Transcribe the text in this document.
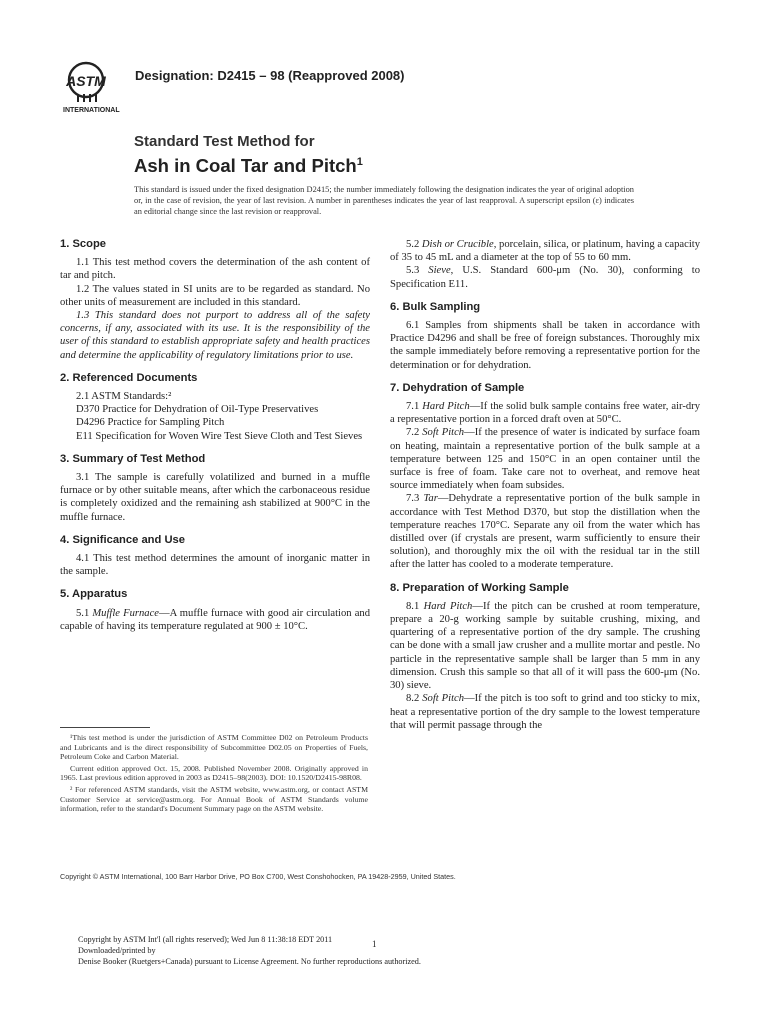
ASTM
INTERNATIONAL
Designation: D2415 – 98 (Reapproved 2008)
Standard Test Method for
Ash in Coal Tar and Pitch$^1$
This standard is issued under the fixed designation D2415; the number immediately following the designation indicates the year of original adoption or, in the case of revision, the year of last revision. A number in parentheses indicates the year of last reapproval. A superscript epsilon (ε) indicates an editorial change since the last revision or reapproval.
1. Scope

1.1 This test method covers the determination of the ash content of tar and pitch.

1.2 The values stated in SI units are to be regarded as standard. No other units of measurement are included in this standard.

1.3 This standard does not purport to address all of the safety concerns, if any, associated with its use. It is the responsibility of the user of this standard to establish appropriate safety and health practices and determine the applicability of regulatory limitations prior to use.

2. Referenced Documents

2.1 ASTM Standards:²

D370 Practice for Dehydration of Oil-Type Preservatives

D4296 Practice for Sampling Pitch

E11 Specification for Woven Wire Test Sieve Cloth and Test Sieves

3. Summary of Test Method

3.1 The sample is carefully volatilized and burned in a muffle furnace or by other suitable means, after which the carbonaceous residue is completely oxidized and the remaining ash stabilized at 900°C in the muffle furnace.

4. Significance and Use

4.1 This test method determines the amount of inorganic matter in the sample.

5. Apparatus

5.1 Muffle Furnace—A muffle furnace with good air circulation and capable of having its temperature regulated at 900 ± 10°C.

¹This test method is under the jurisdiction of ASTM Committee D02 on Petroleum Products and Lubricants and is the direct responsibility of Subcommittee D02.05 on Properties of Fuels, Petroleum Coke and Carbon Material.

Current edition approved Oct. 15, 2008. Published November 2008. Originally approved in 1965. Last previous edition approved in 2003 as D2415–98(2003). DOI: 10.1520/D2415-98R08.

² For referenced ASTM standards, visit the ASTM website, www.astm.org, or contact ASTM Customer Service at service@astm.org. For Annual Book of ASTM Standards volume information, refer to the standard's Document Summary page on the ASTM website.

5.2 Dish or Crucible, porcelain, silica, or platinum, having a capacity of 35 to 45 mL and a diameter at the top of 55 to 60 mm.

5.3 Sieve, U.S. Standard 600-μm (No. 30), conforming to Specification E11.

6. Bulk Sampling

6.1 Samples from shipments shall be taken in accordance with Practice D4296 and shall be free of foreign substances. Thoroughly mix the sample immediately before removing a representative portion for the determination or for dehydration.

7. Dehydration of Sample

7.1 Hard Pitch—If the solid bulk sample contains free water, air-dry a representative portion in a forced draft oven at 50°C.

7.2 Soft Pitch—If the presence of water is indicated by surface foam on heating, maintain a representative portion of the bulk sample at a temperature between 125 and 150°C in an open container until the surface is free of foam. Take care not to overheat, and remove heat source immediately when foam subsides.

7.3 Tar—Dehydrate a representative portion of the bulk sample in accordance with Test Method D370, but stop the distillation when the temperature reaches 170°C. Separate any oil from the water which has distilled over (if crystals are present, warm sufficiently to ensure their solution), and thoroughly mix the oil with the residual tar in the still after the latter has cooled to a moderate temperature.

8. Preparation of Working Sample

8.1 Hard Pitch—If the pitch can be crushed at room temperature, prepare a 20-g working sample by suitable crushing, mixing, and quartering of a representative portion of the dry sample. The crushing can be done with a small jaw crusher and a mullite mortar and pestle. No particle in the representative sample shall be larger than 5 mm in any dimension. Crush this sample so that all of it will pass the 600-μm (No. 30) sieve.

8.2 Soft Pitch—If the pitch is too soft to grind and too sticky to mix, heat a representative portion of the dry sample to the lowest temperature that will permit passage through the

Copyright © ASTM International, 100 Barr Harbor Drive, PO Box C700, West Conshohocken, PA 19428-2959, United States.
Copyright by ASTM Int'l (all rights reserved); Wed Jun 8 11:38:18 EDT 2011
Downloaded/printed by
Denise Booker (Ruetgers+Canada) pursuant to License Agreement. No further reproductions authorized.
1
